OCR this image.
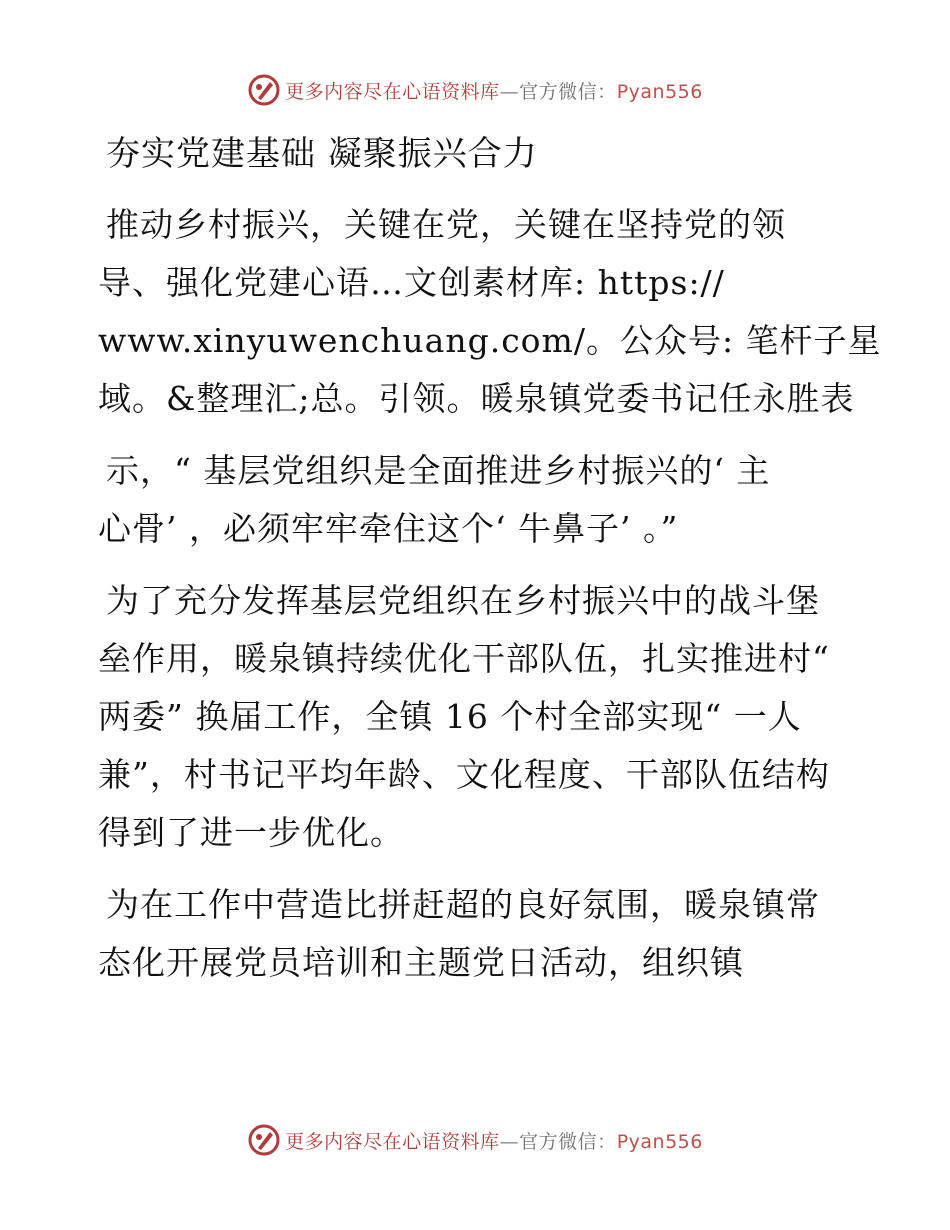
更多内容尽在心语资料库—官方微信：Pyan556
夯实党建基础 凝聚振兴合力
推动乡村振兴，关键在党，关键在坚持党的领
导、强化党建心语…文创素材库: https://
www.xinyuwenchuang.com/。公众号: 笔杆子星
域。&整理汇;总。引领。暖泉镇党委书记任永胜表
示，“ 基层党组织是全面推进乡村振兴的‘ 主
心骨’ ，必须牢牢牵住这个‘ 牛鼻子’ 。”
为了充分发挥基层党组织在乡村振兴中的战斗堡
垒作用，暖泉镇持续优化干部队伍，扎实推进村“
两委” 换届工作，全镇 16 个村全部实现“ 一人
兼”，村书记平均年龄、文化程度、干部队伍结构
得到了进一步优化。
为在工作中营造比拼赶超的良好氛围，暖泉镇常
态化开展党员培训和主题党日活动，组织镇
更多内容尽在心语资料库—官方微信：Pyan556
